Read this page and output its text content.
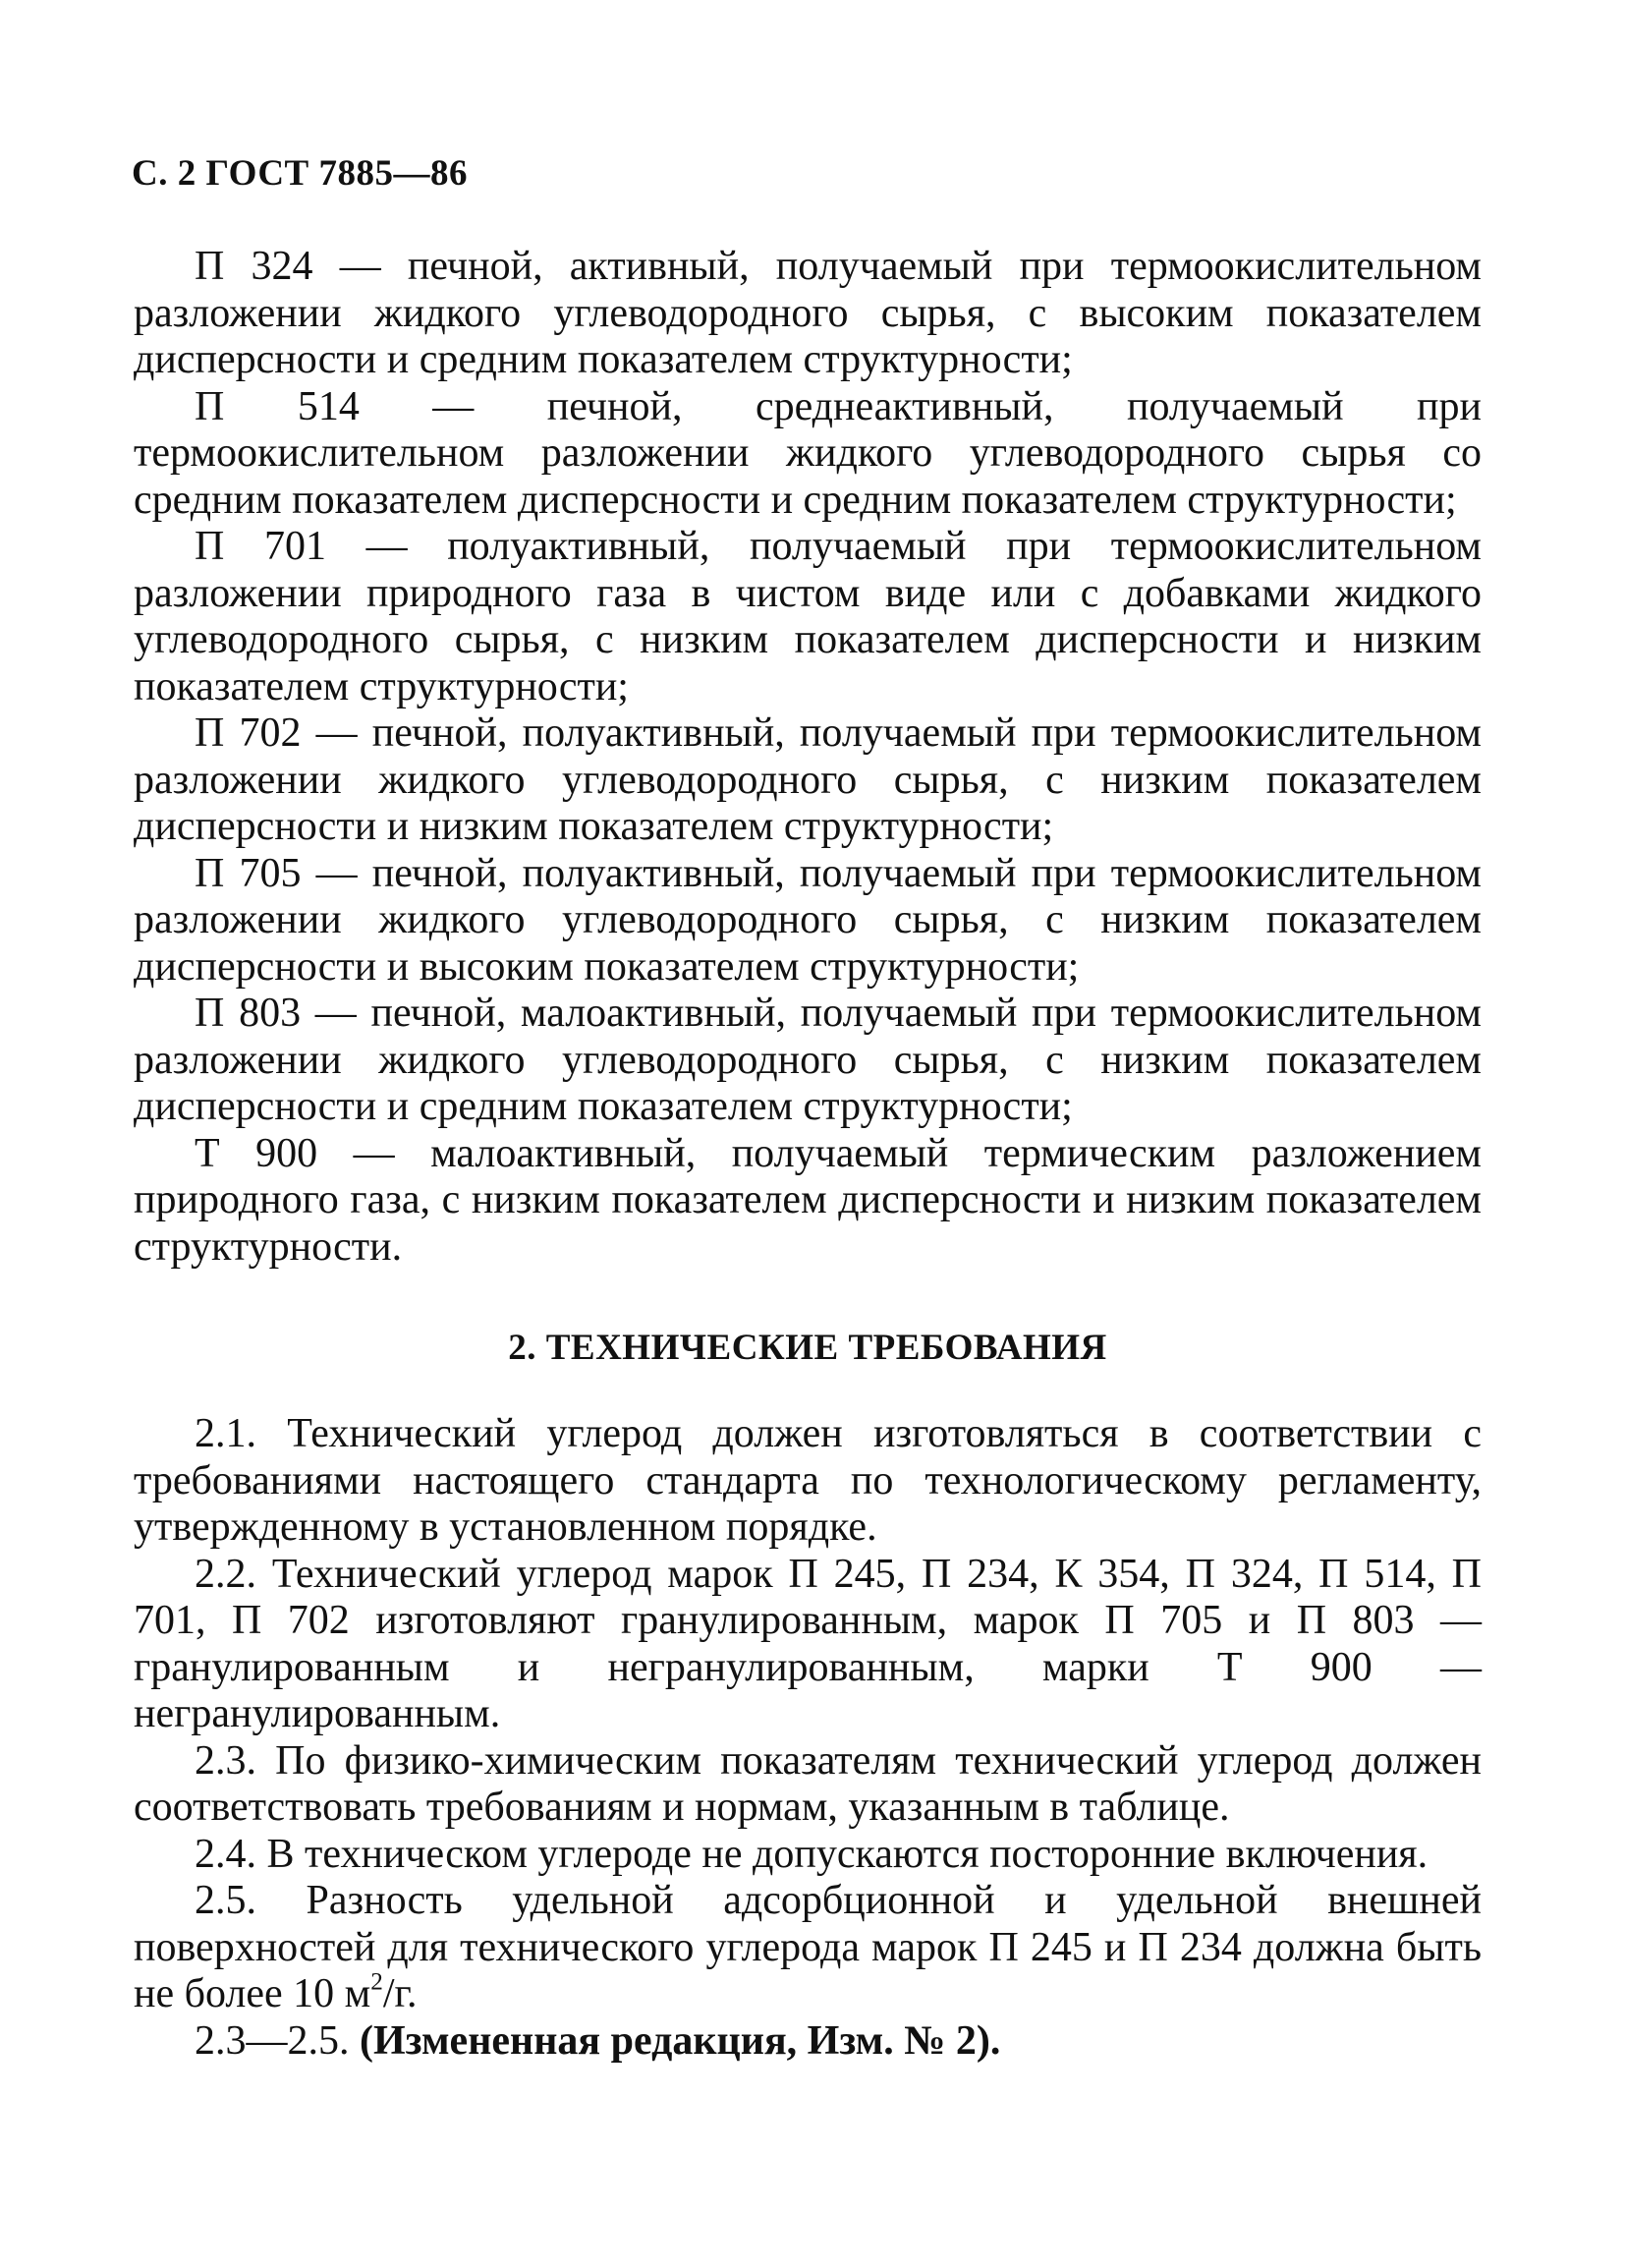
С. 2 ГОСТ 7885—86

П 324 — печной, активный, получаемый при термоокислительном разложении жидкого углеводородного сырья, с высоким показателем дисперсности и средним показателем структурности;

П 514 — печной, среднеактивный, получаемый при термоокислительном разложении жидкого углеводородного сырья со средним показателем дисперсности и средним показателем структурности;

П 701 — полуактивный, получаемый при термоокислительном разложении природного газа в чистом виде или с добавками жидкого углеводородного сырья, с низким показателем дисперсности и низким показателем структурности;

П 702 — печной, полуактивный, получаемый при термоокислительном разложении жидкого углеводородного сырья, с низким показателем дисперсности и низким показателем структурности;

П 705 — печной, полуактивный, получаемый при термоокислительном разложении жидкого углеводородного сырья, с низким показателем дисперсности и высоким показателем структурности;

П 803 — печной, малоактивный, получаемый при термоокислительном разложении жидкого углеводородного сырья, с низким показателем дисперсности и средним показателем структурности;

Т 900 — малоактивный, получаемый термическим разложением природного газа, с низким показателем дисперсности и низким показателем структурности.

2. ТЕХНИЧЕСКИЕ ТРЕБОВАНИЯ

2.1. Технический углерод должен изготовляться в соответствии с требованиями настоящего стандарта по технологическому регламенту, утвержденному в установленном порядке.

2.2. Технический углерод марок П 245, П 234, К 354, П 324, П 514, П 701, П 702 изготовляют гранулированным, марок П 705 и П 803 — гранулированным и негранулированным, марки Т 900 — негранулированным.

2.3. По физико-химическим показателям технический углерод должен соответствовать требованиям и нормам, указанным в таблице.

2.4. В техническом углероде не допускаются посторонние включения.

2.5. Разность удельной адсорбционной и удельной внешней поверхностей для технического углерода марок П 245 и П 234 должна быть не более 10 $м^2/г$.

2.3—2.5. (Измененная редакция, Изм. № 2).
